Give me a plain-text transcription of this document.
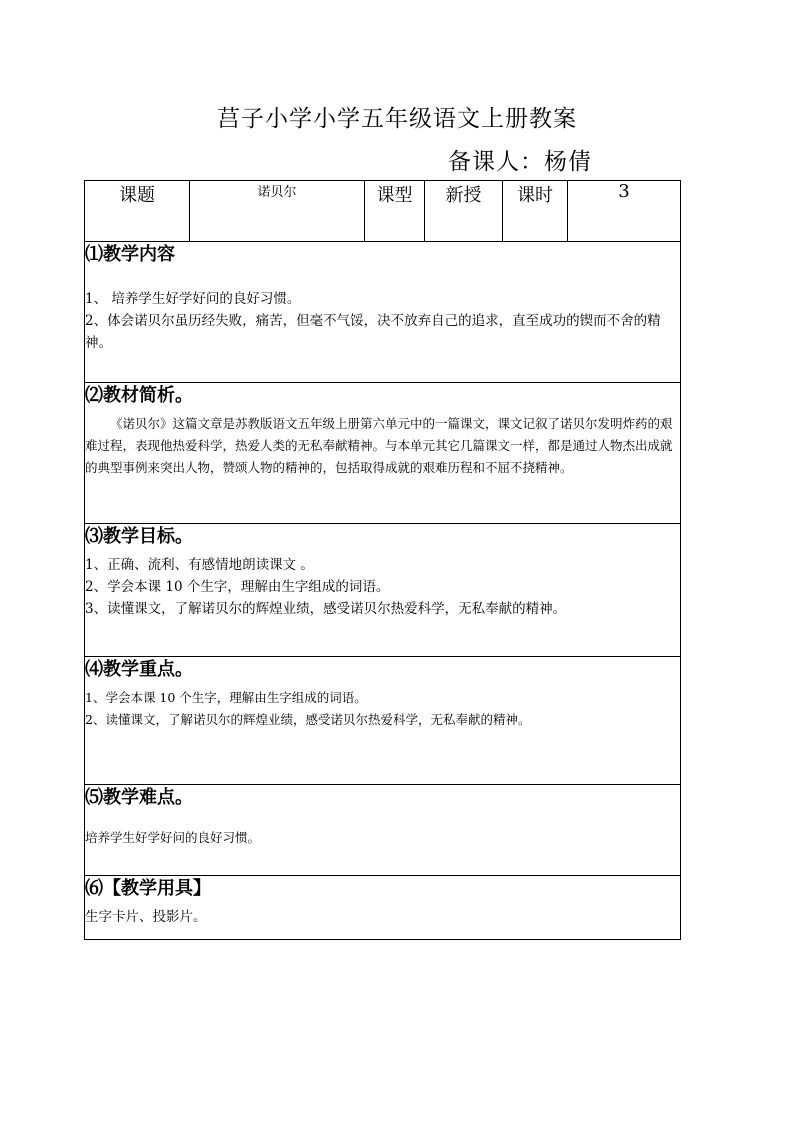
莒子小学小学五年级语文上册教案
备课人：杨倩
课题	诺贝尔	课型	新授	课时	3

⑴教学内容

1、 培养学生好学好问的良好习惯。

2、体会诺贝尔虽历经失败，痛苦，但毫不气馁，决不放弃自己的追求，直至成功的锲而不舍的精神。

⑵教材简析。

《诺贝尔》这篇文章是苏教版语文五年级上册第六单元中的一篇课文，课文记叙了诺贝尔发明炸药的艰难过程，表现他热爱科学，热爱人类的无私奉献精神。与本单元其它几篇课文一样，都是通过人物杰出成就的典型事例来突出人物，赞颂人物的精神的，包括取得成就的艰难历程和不屈不挠精神。

⑶教学目标。

1、正确、流利、有感情地朗读课文 。

2、学会本课 10 个生字，理解由生字组成的词语。

3、读懂课文，了解诺贝尔的辉煌业绩，感受诺贝尔热爱科学，无私奉献的精神。

⑷教学重点。

1、学会本课 10 个生字，理解由生字组成的词语。

2、读懂课文，了解诺贝尔的辉煌业绩，感受诺贝尔热爱科学，无私奉献的精神。

⑸教学难点。

培养学生好学好问的良好习惯。

⑹【教学用具】

生字卡片、投影片。
